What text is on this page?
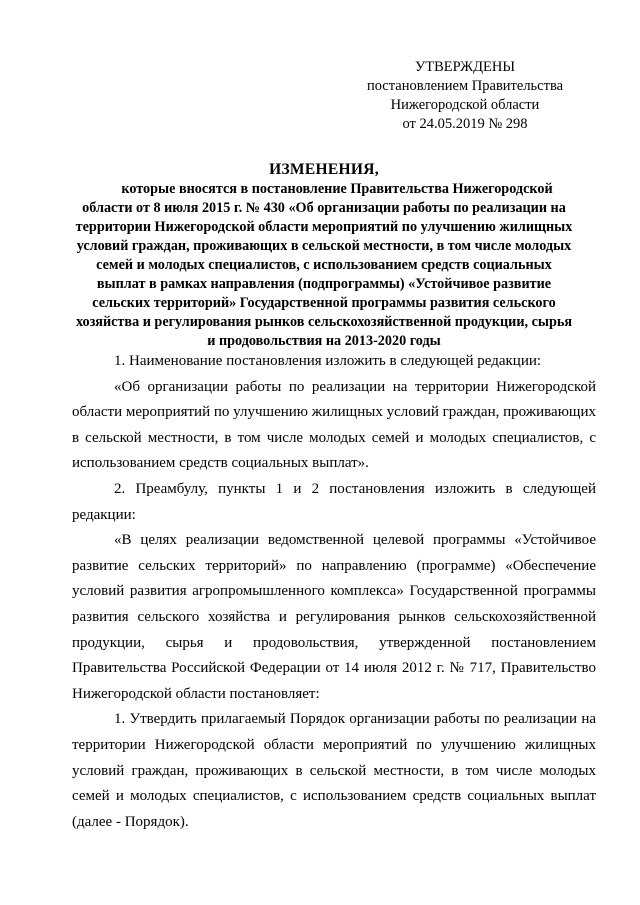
УТВЕРЖДЕНЫ
постановлением Правительства
Нижегородской области
от 24.05.2019 № 298
ИЗМЕНЕНИЯ,
которые вносятся в постановление Правительства Нижегородской области от 8 июля 2015 г. № 430 «Об организации работы по реализации на территории Нижегородской области мероприятий по улучшению жилищных условий граждан, проживающих в сельской местности, в том числе молодых семей и молодых специалистов, с использованием средств социальных выплат в рамках направления (подпрограммы) «Устойчивое развитие сельских территорий» Государственной программы развития сельского хозяйства и регулирования рынков сельскохозяйственной продукции, сырья и продовольствия на 2013-2020 годы

1. Наименование постановления изложить в следующей редакции:

«Об организации работы по реализации на территории Нижегородской области мероприятий по улучшению жилищных условий граждан, проживающих в сельской местности, в том числе молодых семей и молодых специалистов, с использованием средств социальных выплат».

2. Преамбулу, пункты 1 и 2 постановления изложить в следующей редакции:

«В целях реализации ведомственной целевой программы «Устойчивое развитие сельских территорий» по направлению (программе) «Обеспечение условий развития агропромышленного комплекса» Государственной программы развития сельского хозяйства и регулирования рынков сельскохозяйственной продукции, сырья и продовольствия, утвержденной постановлением Правительства Российской Федерации от 14 июля 2012 г. № 717, Правительство Нижегородской области постановляет:

1. Утвердить прилагаемый Порядок организации работы по реализации на территории Нижегородской области мероприятий по улучшению жилищных условий граждан, проживающих в сельской местности, в том числе молодых семей и молодых специалистов, с использованием средств социальных выплат (далее - Порядок).
